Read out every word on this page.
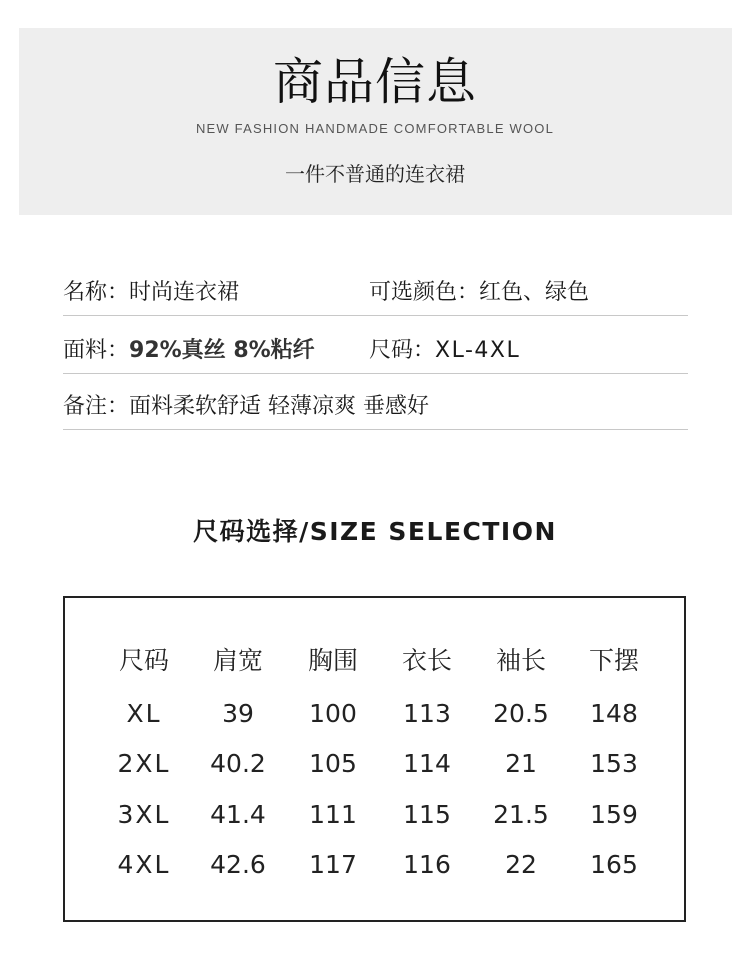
商品信息
NEW FASHION HANDMADE COMFORTABLE WOOL
一件不普通的连衣裙
名称：时尚连衣裙	可选颜色：红色、绿色
面料：92%真丝 8%粘纤 尺码：XL-4XL
备注：面料柔软舒适 轻薄凉爽 垂感好
尺码选择/SIZE SELECTION
尺码	肩宽	胸围	衣长	袖长	下摆
XL	39	100	113	20.5	148
2XL	40.2	105	114	21	153
3XL	41.4	111	115	21.5	159
4XL	42.6	117	116	22	165
